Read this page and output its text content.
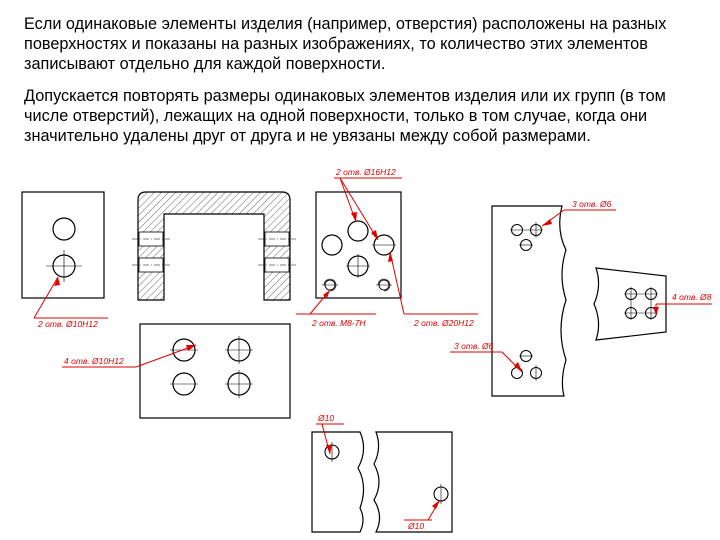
Если одинаковые элементы изделия (например, отверстия) расположены на разных поверхностях и показаны на разных изображениях, то количество этих элементов записывают отдельно для каждой поверхности.

Допускается повторять размеры одинаковых элементов изделия или их групп (в том числе отверстий), лежащих на одной поверхности, только в том случае, когда они значительно удалены друг от друга и не увязаны между собой размерами.

2 отв. Ø10H12
4 отв. Ø10H12
2 отв. Ø16H12
2 отв. М8-7Н	2 отв. Ø20H12
3 отв. Ø6
3 отв. Ø6
4 отв. Ø8
Ø10
Ø10
